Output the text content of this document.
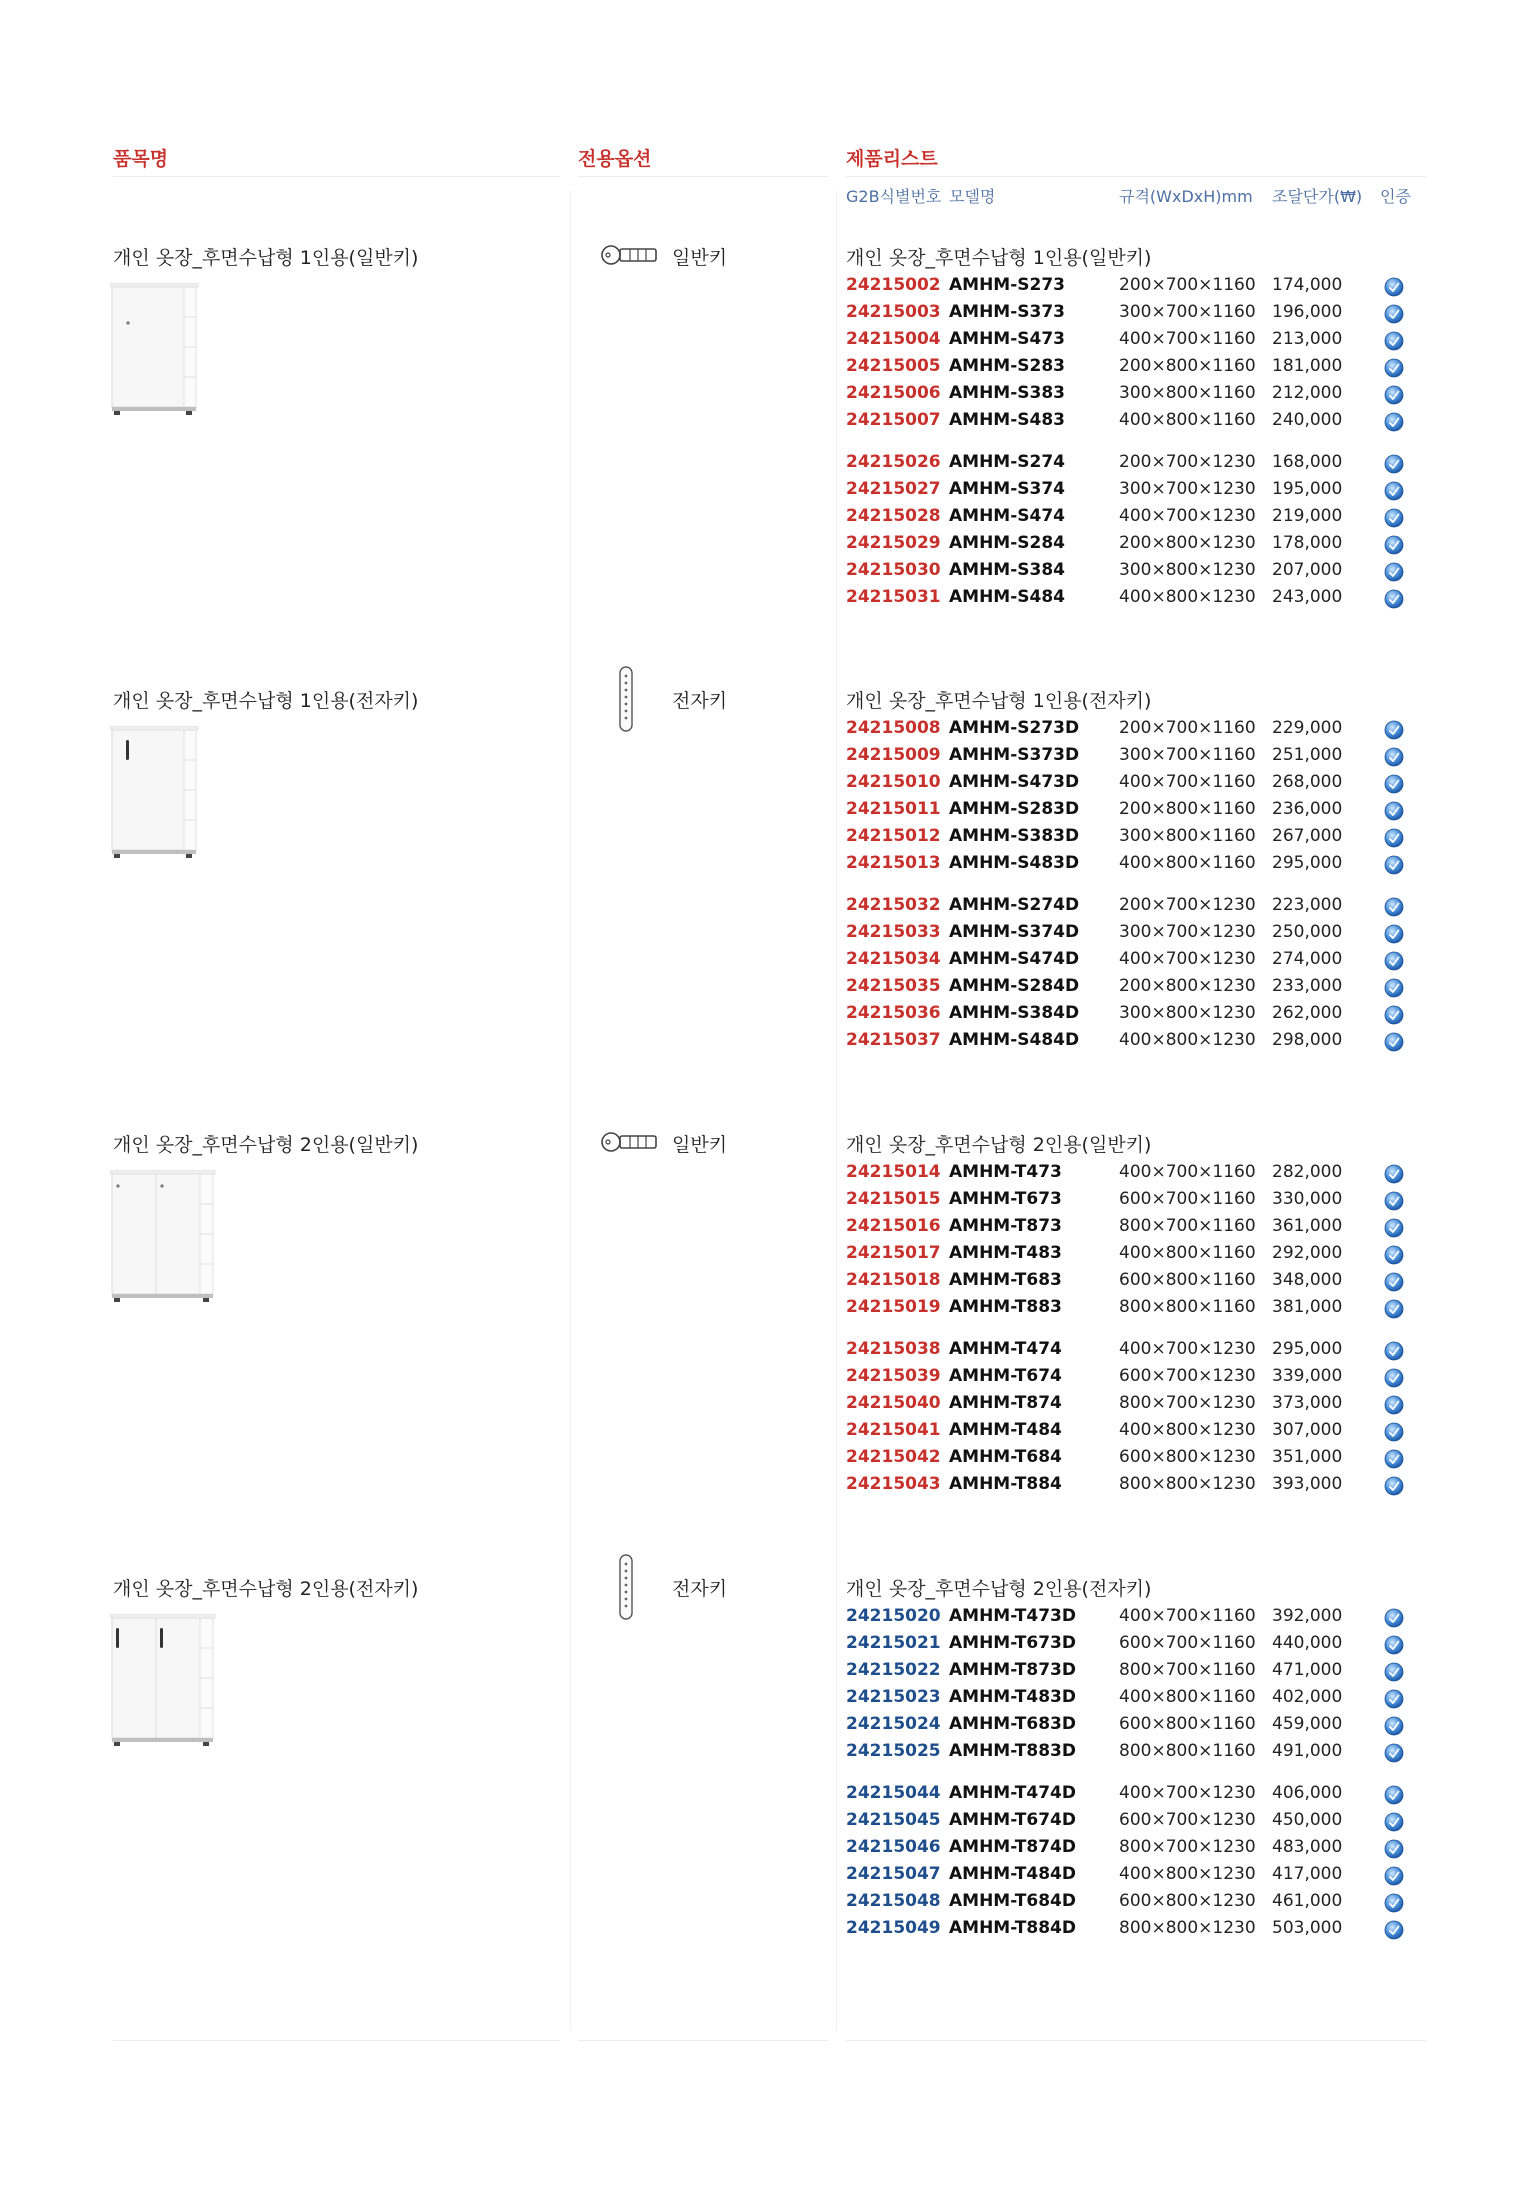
품목명	전용옵션	제품리스트
G2B식별번호 모델명	규격(WxDxH)mm 조달단가(₩) 인증
개인 옷장_후면수납형 1인용(일반키)	일반키	개인 옷장_후면수납형 1인용(일반키)
24215002 AMHM-S273	200×700×1160 174,000
24215003 AMHM-S373	300×700×1160 196,000
24215004 AMHM-S473	400×700×1160 213,000
24215005 AMHM-S283	200×800×1160 181,000
24215006 AMHM-S383	300×800×1160 212,000
24215007 AMHM-S483	400×800×1160 240,000
24215026 AMHM-S274	200×700×1230 168,000
24215027 AMHM-S374	300×700×1230 195,000
24215028 AMHM-S474	400×700×1230 219,000
24215029 AMHM-S284	200×800×1230 178,000
24215030 AMHM-S384	300×800×1230 207,000
24215031 AMHM-S484	400×800×1230 243,000
개인 옷장_후면수납형 1인용(전자키)	전자키	개인 옷장_후면수납형 1인용(전자키)
24215008 AMHM-S273D 200×700×1160 229,000
24215009 AMHM-S373D 300×700×1160 251,000
24215010 AMHM-S473D 400×700×1160 268,000
24215011 AMHM-S283D 200×800×1160 236,000
24215012 AMHM-S383D 300×800×1160 267,000
24215013 AMHM-S483D 400×800×1160 295,000
24215032 AMHM-S274D 200×700×1230 223,000
24215033 AMHM-S374D 300×700×1230 250,000
24215034 AMHM-S474D 400×700×1230 274,000
24215035 AMHM-S284D 200×800×1230 233,000
24215036 AMHM-S384D 300×800×1230 262,000
24215037 AMHM-S484D 400×800×1230 298,000
개인 옷장_후면수납형 2인용(일반키)	일반키	개인 옷장_후면수납형 2인용(일반키)
24215014 AMHM-T473	400×700×1160 282,000
24215015 AMHM-T673	600×700×1160 330,000
24215016 AMHM-T873	800×700×1160 361,000
24215017 AMHM-T483	400×800×1160 292,000
24215018 AMHM-T683	600×800×1160 348,000
24215019 AMHM-T883	800×800×1160 381,000
24215038 AMHM-T474	400×700×1230 295,000
24215039 AMHM-T674	600×700×1230 339,000
24215040 AMHM-T874	800×700×1230 373,000
24215041 AMHM-T484	400×800×1230 307,000
24215042 AMHM-T684	600×800×1230 351,000
24215043 AMHM-T884	800×800×1230 393,000
개인 옷장_후면수납형 2인용(전자키)	전자키	개인 옷장_후면수납형 2인용(전자키)
24215020 AMHM-T473D	400×700×1160 392,000
24215021 AMHM-T673D	600×700×1160 440,000
24215022 AMHM-T873D	800×700×1160 471,000
24215023 AMHM-T483D	400×800×1160 402,000
24215024 AMHM-T683D	600×800×1160 459,000
24215025 AMHM-T883D	800×800×1160 491,000
24215044 AMHM-T474D	400×700×1230 406,000
24215045 AMHM-T674D	600×700×1230 450,000
24215046 AMHM-T874D	800×700×1230 483,000
24215047 AMHM-T484D	400×800×1230 417,000
24215048 AMHM-T684D	600×800×1230 461,000
24215049 AMHM-T884D	800×800×1230 503,000
